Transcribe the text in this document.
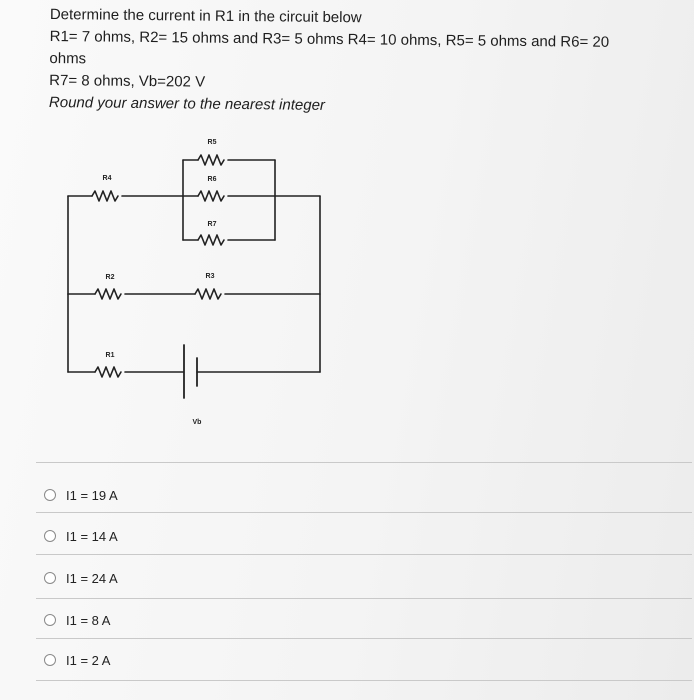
Determine the current in R1 in the circuit below
R1= 7 ohms, R2= 15 ohms and R3= 5 ohms R4= 10 ohms, R5= 5 ohms and R6= 20
ohms
R7= 8 ohms, Vb=202 V
Round your answer to the nearest integer
R5
R4	R6
R7
R2	R3
R1
Vb
I1 = 19 A
I1 = 14 A
I1 = 24 A
I1 = 8 A
I1 = 2 A
